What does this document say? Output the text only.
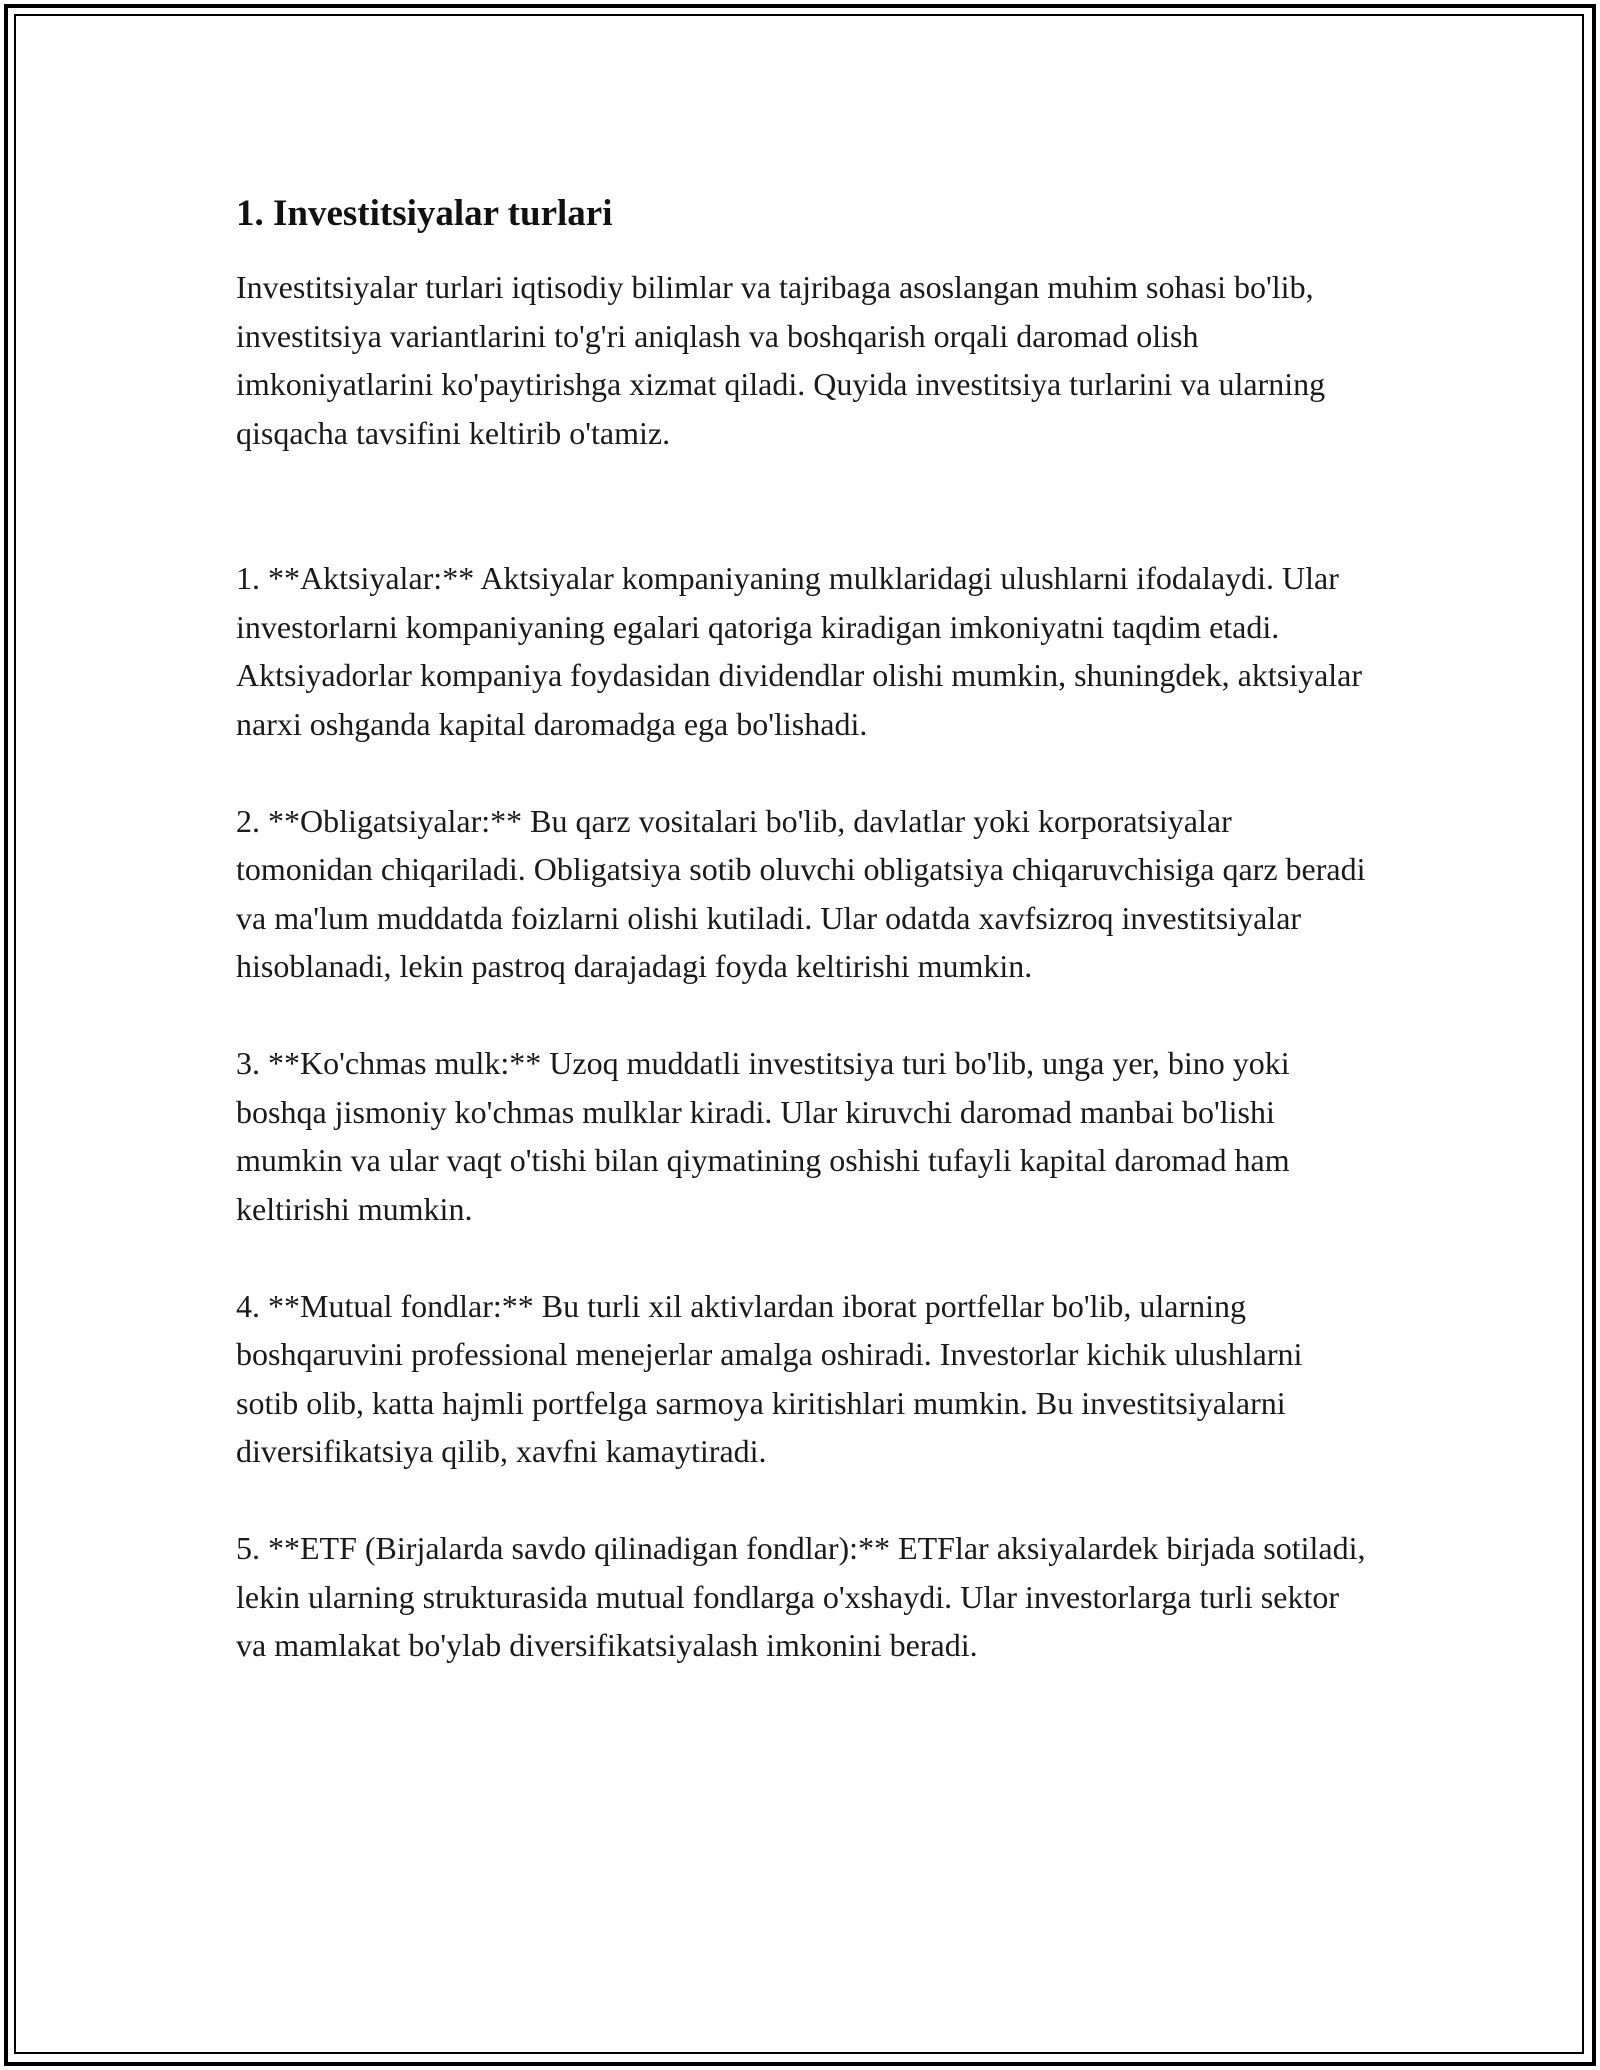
1. Investitsiyalar turlari

Investitsiyalar turlari iqtisodiy bilimlar va tajribaga asoslangan muhim sohasi bo'lib, investitsiya variantlarini to'g'ri aniqlash va boshqarish orqali daromad olish imkoniyatlarini ko'paytirishga xizmat qiladi. Quyida investitsiya turlarini va ularning qisqacha tavsifini keltirib o'tamiz.

1. **Aktsiyalar:** Aktsiyalar kompaniyaning mulklaridagi ulushlarni ifodalaydi. Ular investorlarni kompaniyaning egalari qatoriga kiradigan imkoniyatni taqdim etadi. Aktsiyadorlar kompaniya foydasidan dividendlar olishi mumkin, shuningdek, aktsiyalar narxi oshganda kapital daromadga ega bo'lishadi.

2. **Obligatsiyalar:** Bu qarz vositalari bo'lib, davlatlar yoki korporatsiyalar tomonidan chiqariladi. Obligatsiya sotib oluvchi obligatsiya chiqaruvchisiga qarz beradi va ma'lum muddatda foizlarni olishi kutiladi. Ular odatda xavfsizroq investitsiyalar hisoblanadi, lekin pastroq darajadagi foyda keltirishi mumkin.

3. **Ko'chmas mulk:** Uzoq muddatli investitsiya turi bo'lib, unga yer, bino yoki boshqa jismoniy ko'chmas mulklar kiradi. Ular kiruvchi daromad manbai bo'lishi mumkin va ular vaqt o'tishi bilan qiymatining oshishi tufayli kapital daromad ham keltirishi mumkin.

4. **Mutual fondlar:** Bu turli xil aktivlardan iborat portfellar bo'lib, ularning boshqaruvini professional menejerlar amalga oshiradi. Investorlar kichik ulushlarni sotib olib, katta hajmli portfelga sarmoya kiritishlari mumkin. Bu investitsiyalarni diversifikatsiya qilib, xavfni kamaytiradi.

5. **ETF (Birjalarda savdo qilinadigan fondlar):** ETFlar aksiyalardek birjada sotiladi, lekin ularning strukturasida mutual fondlarga o'xshaydi. Ular investorlarga turli sektor va mamlakat bo'ylab diversifikatsiyalash imkonini beradi.
